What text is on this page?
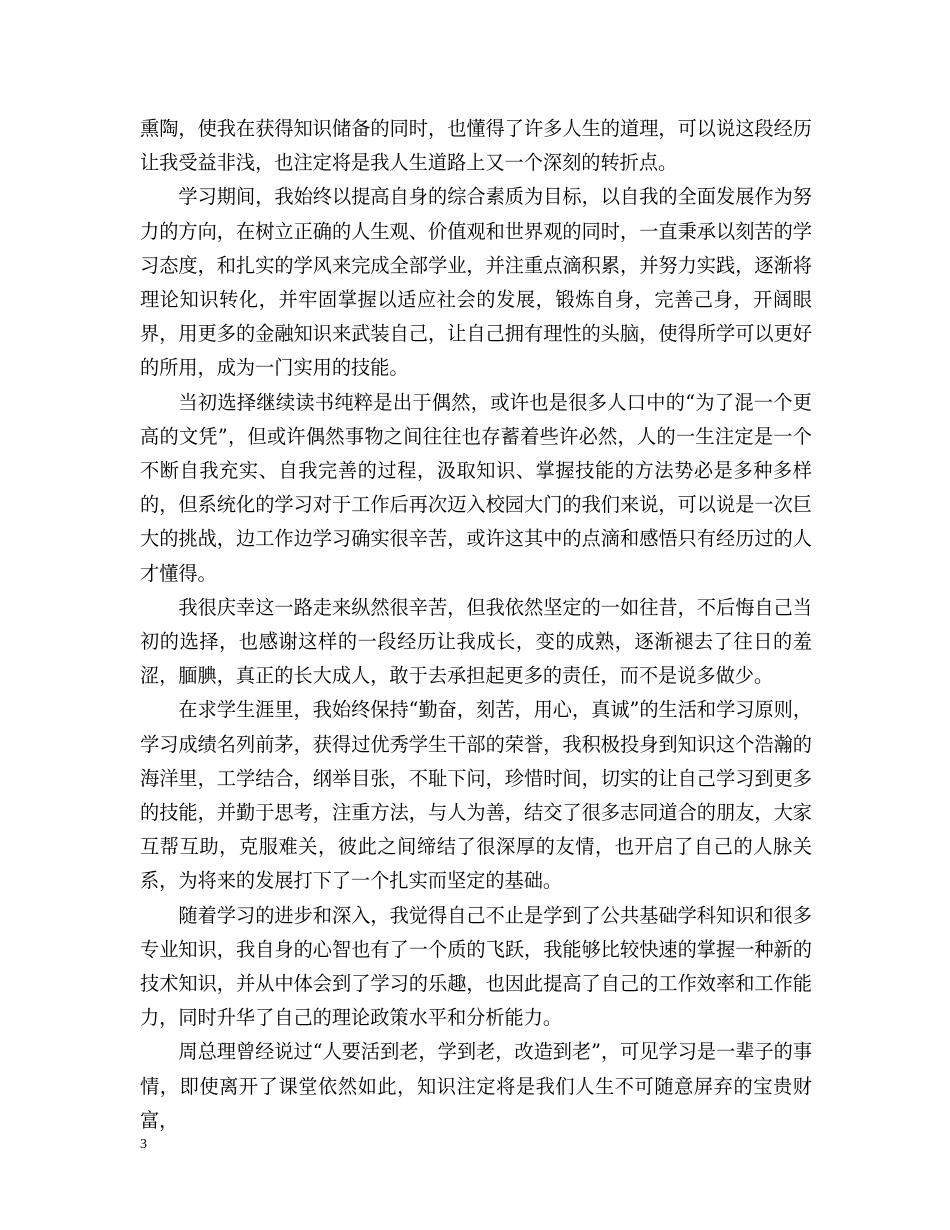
熏陶，使我在获得知识储备的同时，也懂得了许多人生的道理，可以说这段经历让我受益非浅，也注定将是我人生道路上又一个深刻的转折点。

学习期间，我始终以提高自身的综合素质为目标，以自我的全面发展作为努力的方向，在树立正确的人生观、价值观和世界观的同时，一直秉承以刻苦的学习态度，和扎实的学风来完成全部学业，并注重点滴积累，并努力实践，逐渐将理论知识转化，并牢固掌握以适应社会的发展，锻炼自身，完善己身，开阔眼界，用更多的金融知识来武装自己，让自己拥有理性的头脑，使得所学可以更好的所用，成为一门实用的技能。

当初选择继续读书纯粹是出于偶然，或许也是很多人口中的“为了混一个更高的文凭”，但或许偶然事物之间往往也存蓄着些许必然，人的一生注定是一个不断自我充实、自我完善的过程，汲取知识、掌握技能的方法势必是多种多样的，但系统化的学习对于工作后再次迈入校园大门的我们来说，可以说是一次巨大的挑战，边工作边学习确实很辛苦，或许这其中的点滴和感悟只有经历过的人才懂得。

我很庆幸这一路走来纵然很辛苦，但我依然坚定的一如往昔，不后悔自己当初的选择，也感谢这样的一段经历让我成长，变的成熟，逐渐褪去了往日的羞涩，腼腆，真正的长大成人，敢于去承担起更多的责任，而不是说多做少。

在求学生涯里，我始终保持“勤奋，刻苦，用心，真诚”的生活和学习原则，学习成绩名列前茅，获得过优秀学生干部的荣誉，我积极投身到知识这个浩瀚的海洋里，工学结合，纲举目张，不耻下问，珍惜时间，切实的让自己学习到更多的技能，并勤于思考，注重方法，与人为善，结交了很多志同道合的朋友，大家互帮互助，克服难关，彼此之间缔结了很深厚的友情，也开启了自己的人脉关系，为将来的发展打下了一个扎实而坚定的基础。

随着学习的进步和深入，我觉得自己不止是学到了公共基础学科知识和很多专业知识，我自身的心智也有了一个质的飞跃，我能够比较快速的掌握一种新的技术知识，并从中体会到了学习的乐趣，也因此提高了自己的工作效率和工作能力，同时升华了自己的理论政策水平和分析能力。

周总理曾经说过“人要活到老，学到老，改造到老”，可见学习是一辈子的事情，即使离开了课堂依然如此，知识注定将是我们人生不可随意屏弃的宝贵财富，

3
